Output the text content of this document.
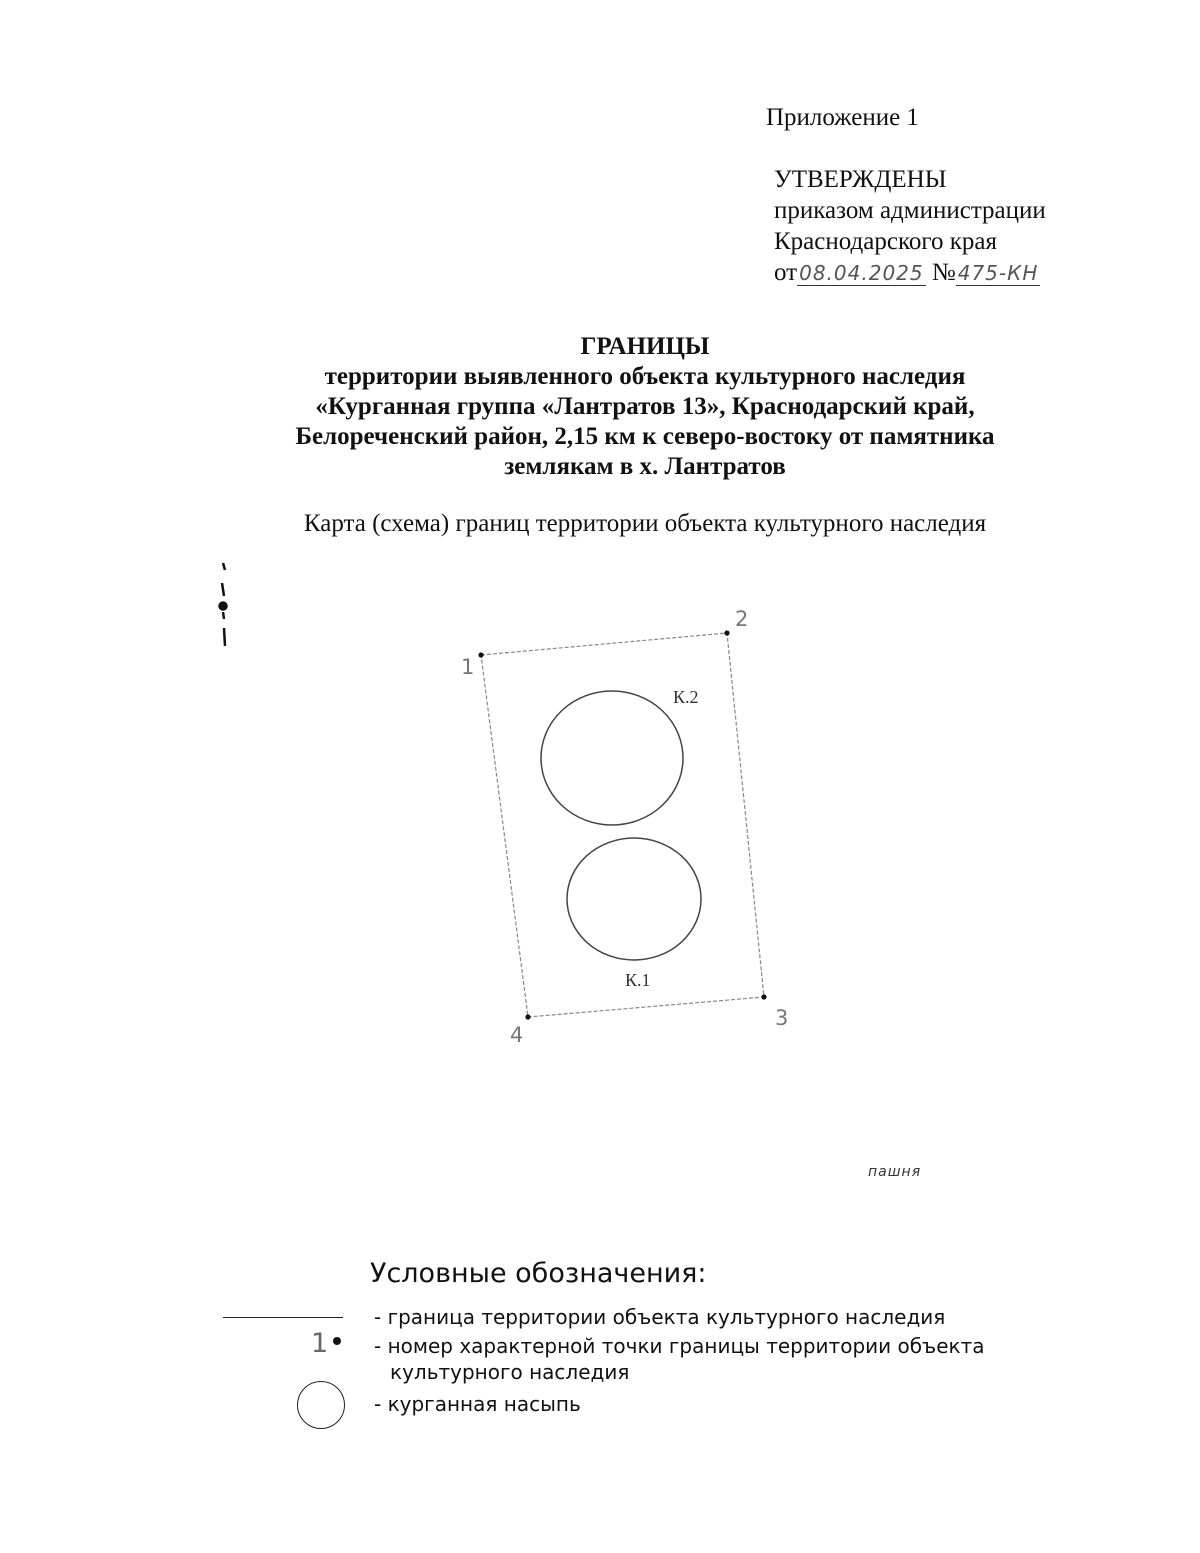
Приложение 1
УТВЕРЖДЕНЫ
приказом администрации
Краснодарского края
от 08.04.2025 № 475-КН
ГРАНИЦЫ
территории выявленного объекта культурного наследия
«Курганная группа «Лантратов 13», Краснодарский край,
Белореченский район, 2,15 км к северо-востоку от памятника
землякам в х. Лантратов
Карта (схема) границ территории объекта культурного наследия
1
2
3
4
К.2
К.1
пашня
Условные обозначения:
- граница территории объекта культурного наследия
1 - номер характерной точки границы территории объекта
культурного наследия
- курганная насыпь
